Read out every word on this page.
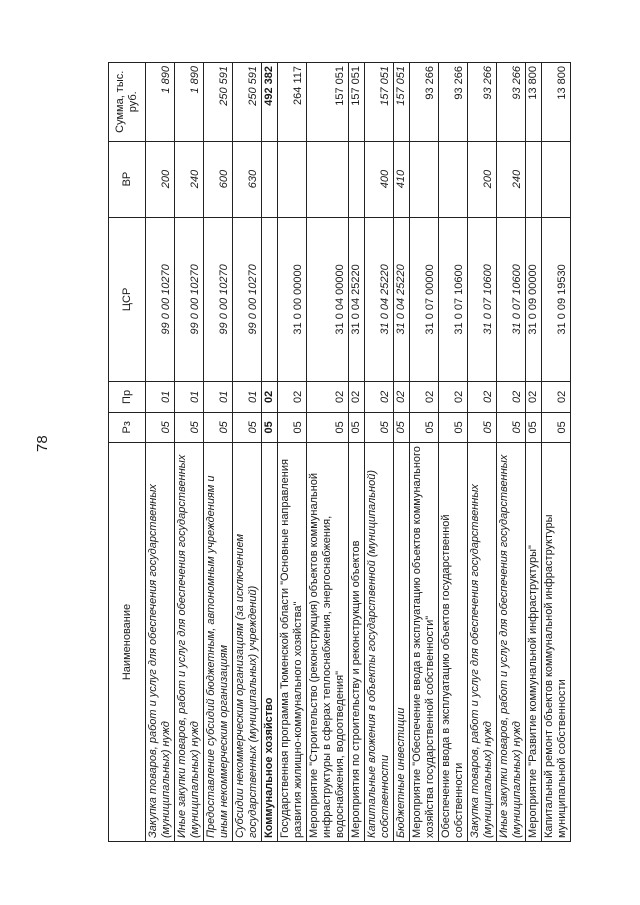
78
Наименование	Рз	Пр	ЦСР	ВР	Сумма, тыс. руб.
Закупка товаров, работ и услуг для обеспечения государственных (муниципальных) нужд	05	01	99 0 00 10270	200	1 890
Иные закупки товаров, работ и услуг для обеспечения государственных (муниципальных) нужд	05	01	99 0 00 10270	240	1 890
Предоставление субсидий бюджетным, автономным учреждениям и иным некоммерческим организациям	05	01	99 0 00 10270	600	250 591
Субсидии некоммерческим организациям (за исключением государственных (муниципальных) учреждений)	05	01	99 0 00 10270	630	250 591
Коммунальное хозяйство	05	02			492 382
Государственная программа Тюменской области "Основные направления развития жилищно-коммунального хозяйства"	05	02	31 0 00 00000		264 117
Мероприятие "Строительство (реконструкция) объектов коммунальной инфраструктуры в сферах теплоснабжения, энергоснабжения, водоснабжения, водоотведения"	05	02	31 0 04 00000		157 051
Мероприятия по строительству и реконструкции объектов	05	02	31 0 04 25220		157 051
Капитальные вложения в объекты государственной (муниципальной) собственности	05	02	31 0 04 25220	400	157 051
Бюджетные инвестиции	05	02	31 0 04 25220	410	157 051
Мероприятие "Обеспечение ввода в эксплуатацию объектов коммунального хозяйства государственной собственности"	05	02	31 0 07 00000		93 266
Обеспечение ввода в эксплуатацию объектов государственной собственности	05	02	31 0 07 10600		93 266
Закупка товаров, работ и услуг для обеспечения государственных (муниципальных) нужд	05	02	31 0 07 10600	200	93 266
Иные закупки товаров, работ и услуг для обеспечения государственных (муниципальных) нужд	05	02	31 0 07 10600	240	93 266
Мероприятие "Развитие коммунальной инфраструктуры"	05	02	31 0 09 00000		13 800
Капитальный ремонт объектов коммунальной инфраструктуры муниципальной собственности	05	02	31 0 09 19530		13 800
